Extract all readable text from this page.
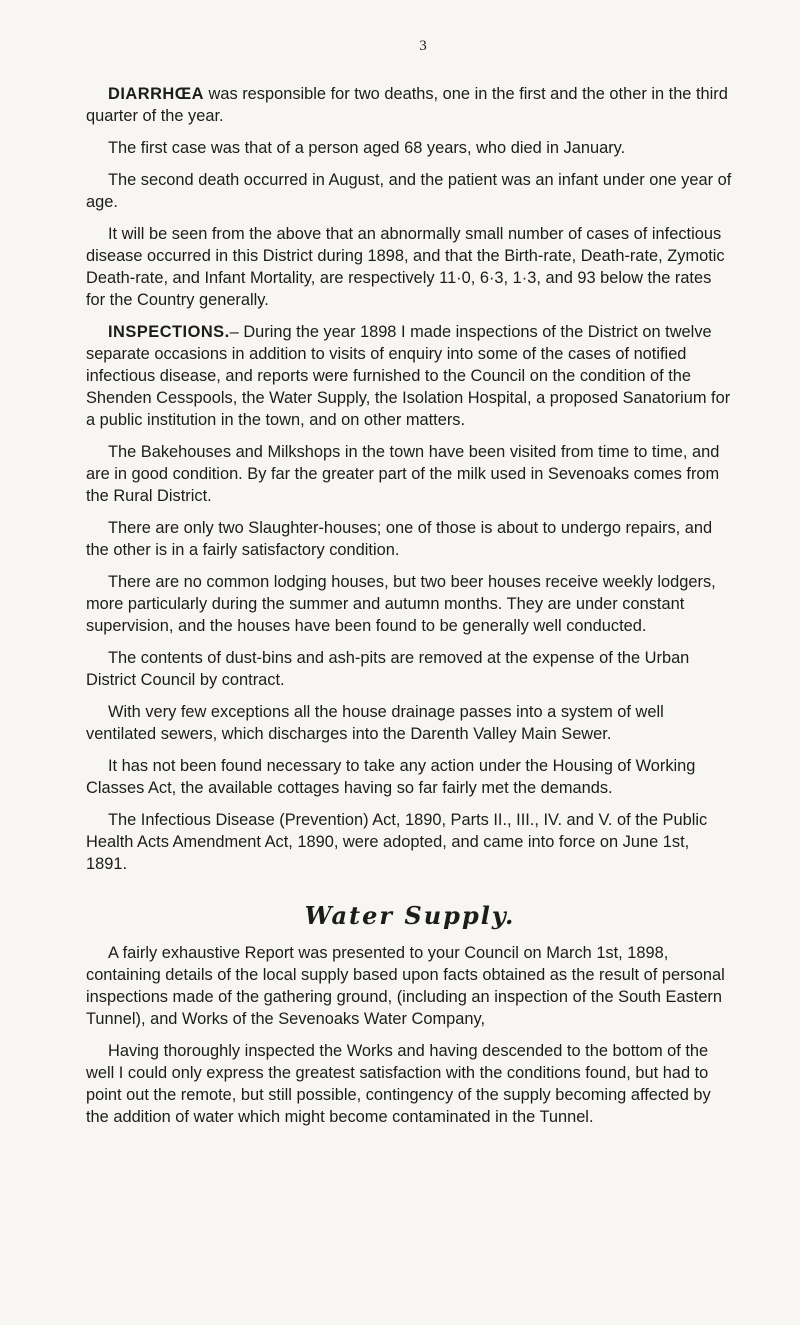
3

DIARRHŒA was responsible for two deaths, one in the first and the other in the third quarter of the year.

The first case was that of a person aged 68 years, who died in January.

The second death occurred in August, and the patient was an infant under one year of age.

It will be seen from the above that an abnormally small number of cases of infectious disease occurred in this District during 1898, and that the Birth-rate, Death-rate, Zymotic Death-rate, and Infant Mortality, are respectively 11·0, 6·3, 1·3, and 93 below the rates for the Country generally.

INSPECTIONS.– During the year 1898 I made inspections of the District on twelve separate occasions in addition to visits of enquiry into some of the cases of notified infectious disease, and reports were furnished to the Council on the condition of the Shenden Cesspools, the Water Supply, the Isolation Hospital, a proposed Sanatorium for a public institution in the town, and on other matters.

The Bakehouses and Milkshops in the town have been visited from time to time, and are in good condition. By far the greater part of the milk used in Sevenoaks comes from the Rural District.

There are only two Slaughter-houses; one of those is about to undergo repairs, and the other is in a fairly satisfactory condition.

There are no common lodging houses, but two beer houses receive weekly lodgers, more particularly during the summer and autumn months. They are under constant supervision, and the houses have been found to be generally well conducted.

The contents of dust-bins and ash-pits are removed at the expense of the Urban District Council by contract.

With very few exceptions all the house drainage passes into a system of well ventilated sewers, which discharges into the Darenth Valley Main Sewer.

It has not been found necessary to take any action under the Housing of Working Classes Act, the available cottages having so far fairly met the demands.

The Infectious Disease (Prevention) Act, 1890, Parts II., III., IV. and V. of the Public Health Acts Amendment Act, 1890, were adopted, and came into force on June 1st, 1891.

Water Supply.

A fairly exhaustive Report was presented to your Council on March 1st, 1898, containing details of the local supply based upon facts obtained as the result of personal inspections made of the gathering ground, (including an inspection of the South Eastern Tunnel), and Works of the Sevenoaks Water Company,

Having thoroughly inspected the Works and having descended to the bottom of the well I could only express the greatest satisfaction with the conditions found, but had to point out the remote, but still possible, contingency of the supply becoming affected by the addition of water which might become contaminated in the Tunnel.
